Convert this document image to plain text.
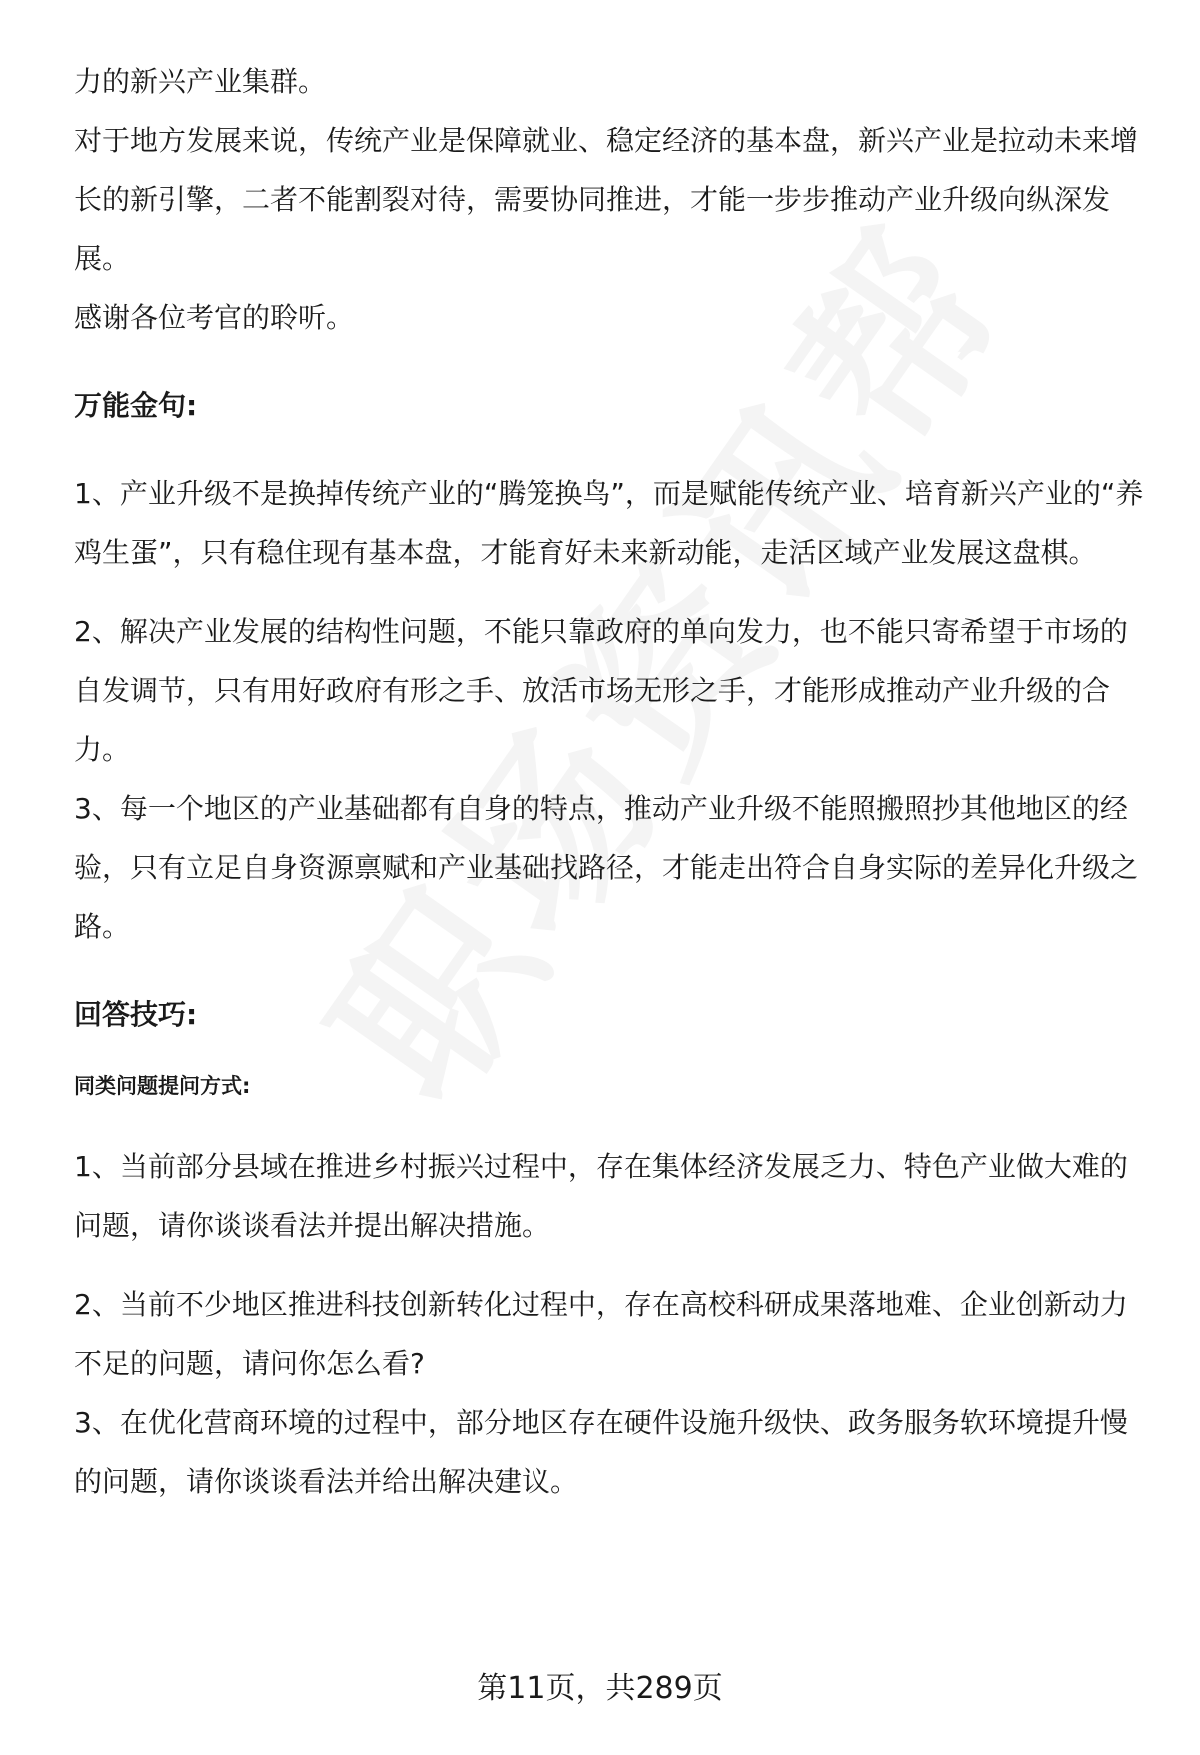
力的新兴产业集群。

对于地方发展来说，传统产业是保障就业、稳定经济的基本盘，新兴产业是拉动未来增长的新引擎，二者不能割裂对待，需要协同推进，才能一步步推动产业升级向纵深发展。

感谢各位考官的聆听。

万能金句:

1、产业升级不是换掉传统产业的“腾笼换鸟”，而是赋能传统产业、培育新兴产业的“养鸡生蛋”，只有稳住现有基本盘，才能育好未来新动能，走活区域产业发展这盘棋。

2、解决产业发展的结构性问题，不能只靠政府的单向发力，也不能只寄希望于市场的自发调节，只有用好政府有形之手、放活市场无形之手，才能形成推动产业升级的合力。

3、每一个地区的产业基础都有自身的特点，推动产业升级不能照搬照抄其他地区的经验，只有立足自身资源禀赋和产业基础找路径，才能走出符合自身实际的差异化升级之路。

回答技巧:

同类问题提问方式:

1、当前部分县域在推进乡村振兴过程中，存在集体经济发展乏力、特色产业做大难的问题，请你谈谈看法并提出解决措施。

2、当前不少地区推进科技创新转化过程中，存在高校科研成果落地难、企业创新动力不足的问题，请问你怎么看?

3、在优化营商环境的过程中，部分地区存在硬件设施升级快、政务服务软环境提升慢的问题，请你谈谈看法并给出解决建议。

第11页，共289页
